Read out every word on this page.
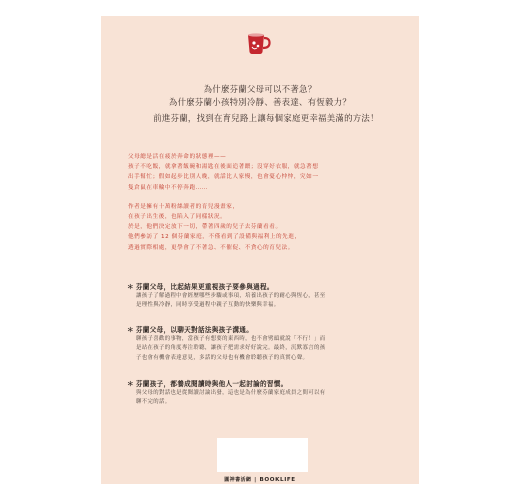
為什麼芬蘭父母可以不著急？
為什麼芬蘭小孩特別冷靜、善表達、有恆毅力？
前進芬蘭，找到在育兒路上讓每個家庭更幸福美滿的方法！
父母總是活在疲於奔命的狀態裡——
孩子不吃飯，就拿著飯碗和湯匙在後面追著餵；沒穿好衣服，就急著想
出手幫忙；假如起步比別人晚，就話比人家慢，也會憂心忡忡，究如一
隻倉鼠在車輪中不停奔跑……
作者是擁有十萬粉絲讀者的育兒漫畫家，
在孩子出生後，也陷入了同樣狀況。
於是，他們決定放下一切，帶著四歲的兒子去芬蘭看看。
他們參訪了 12 個芬蘭家庭，不僅看到了設備與福利上的先進，
透過實際相處，更學會了不著急、不催促、不貪心的育兒法。
＊ 芬蘭父母，比起結果更重視孩子要參與過程。
讓孩子了解過程中會經歷哪些步驟或事項，培養出孩子的耐心與恆心，甚至
是理性與冷靜，同時享受過程中親子互動的快樂與幸福。
＊ 芬蘭父母，以聊天對話法與孩子溝通。
聊孩子喜歡的事物，當孩子有想要的東西時，也不會劈頭就說「不行！」而
是站在孩子的角度專注聆聽，讓孩子把需求好好說完。最終，沉默寡言的孩
子也會有機會表達意見，多話的父母也有機會聆聽孩子的真實心聲。
＊ 芬蘭孩子，都養成閱讀時與他人一起討論的習慣。
與父母的對話也是從閱讀討論出發，這也是為什麼芬蘭家庭成員之間可以有
聊不完的話。
圓神書活網 | BOOKLIFE
